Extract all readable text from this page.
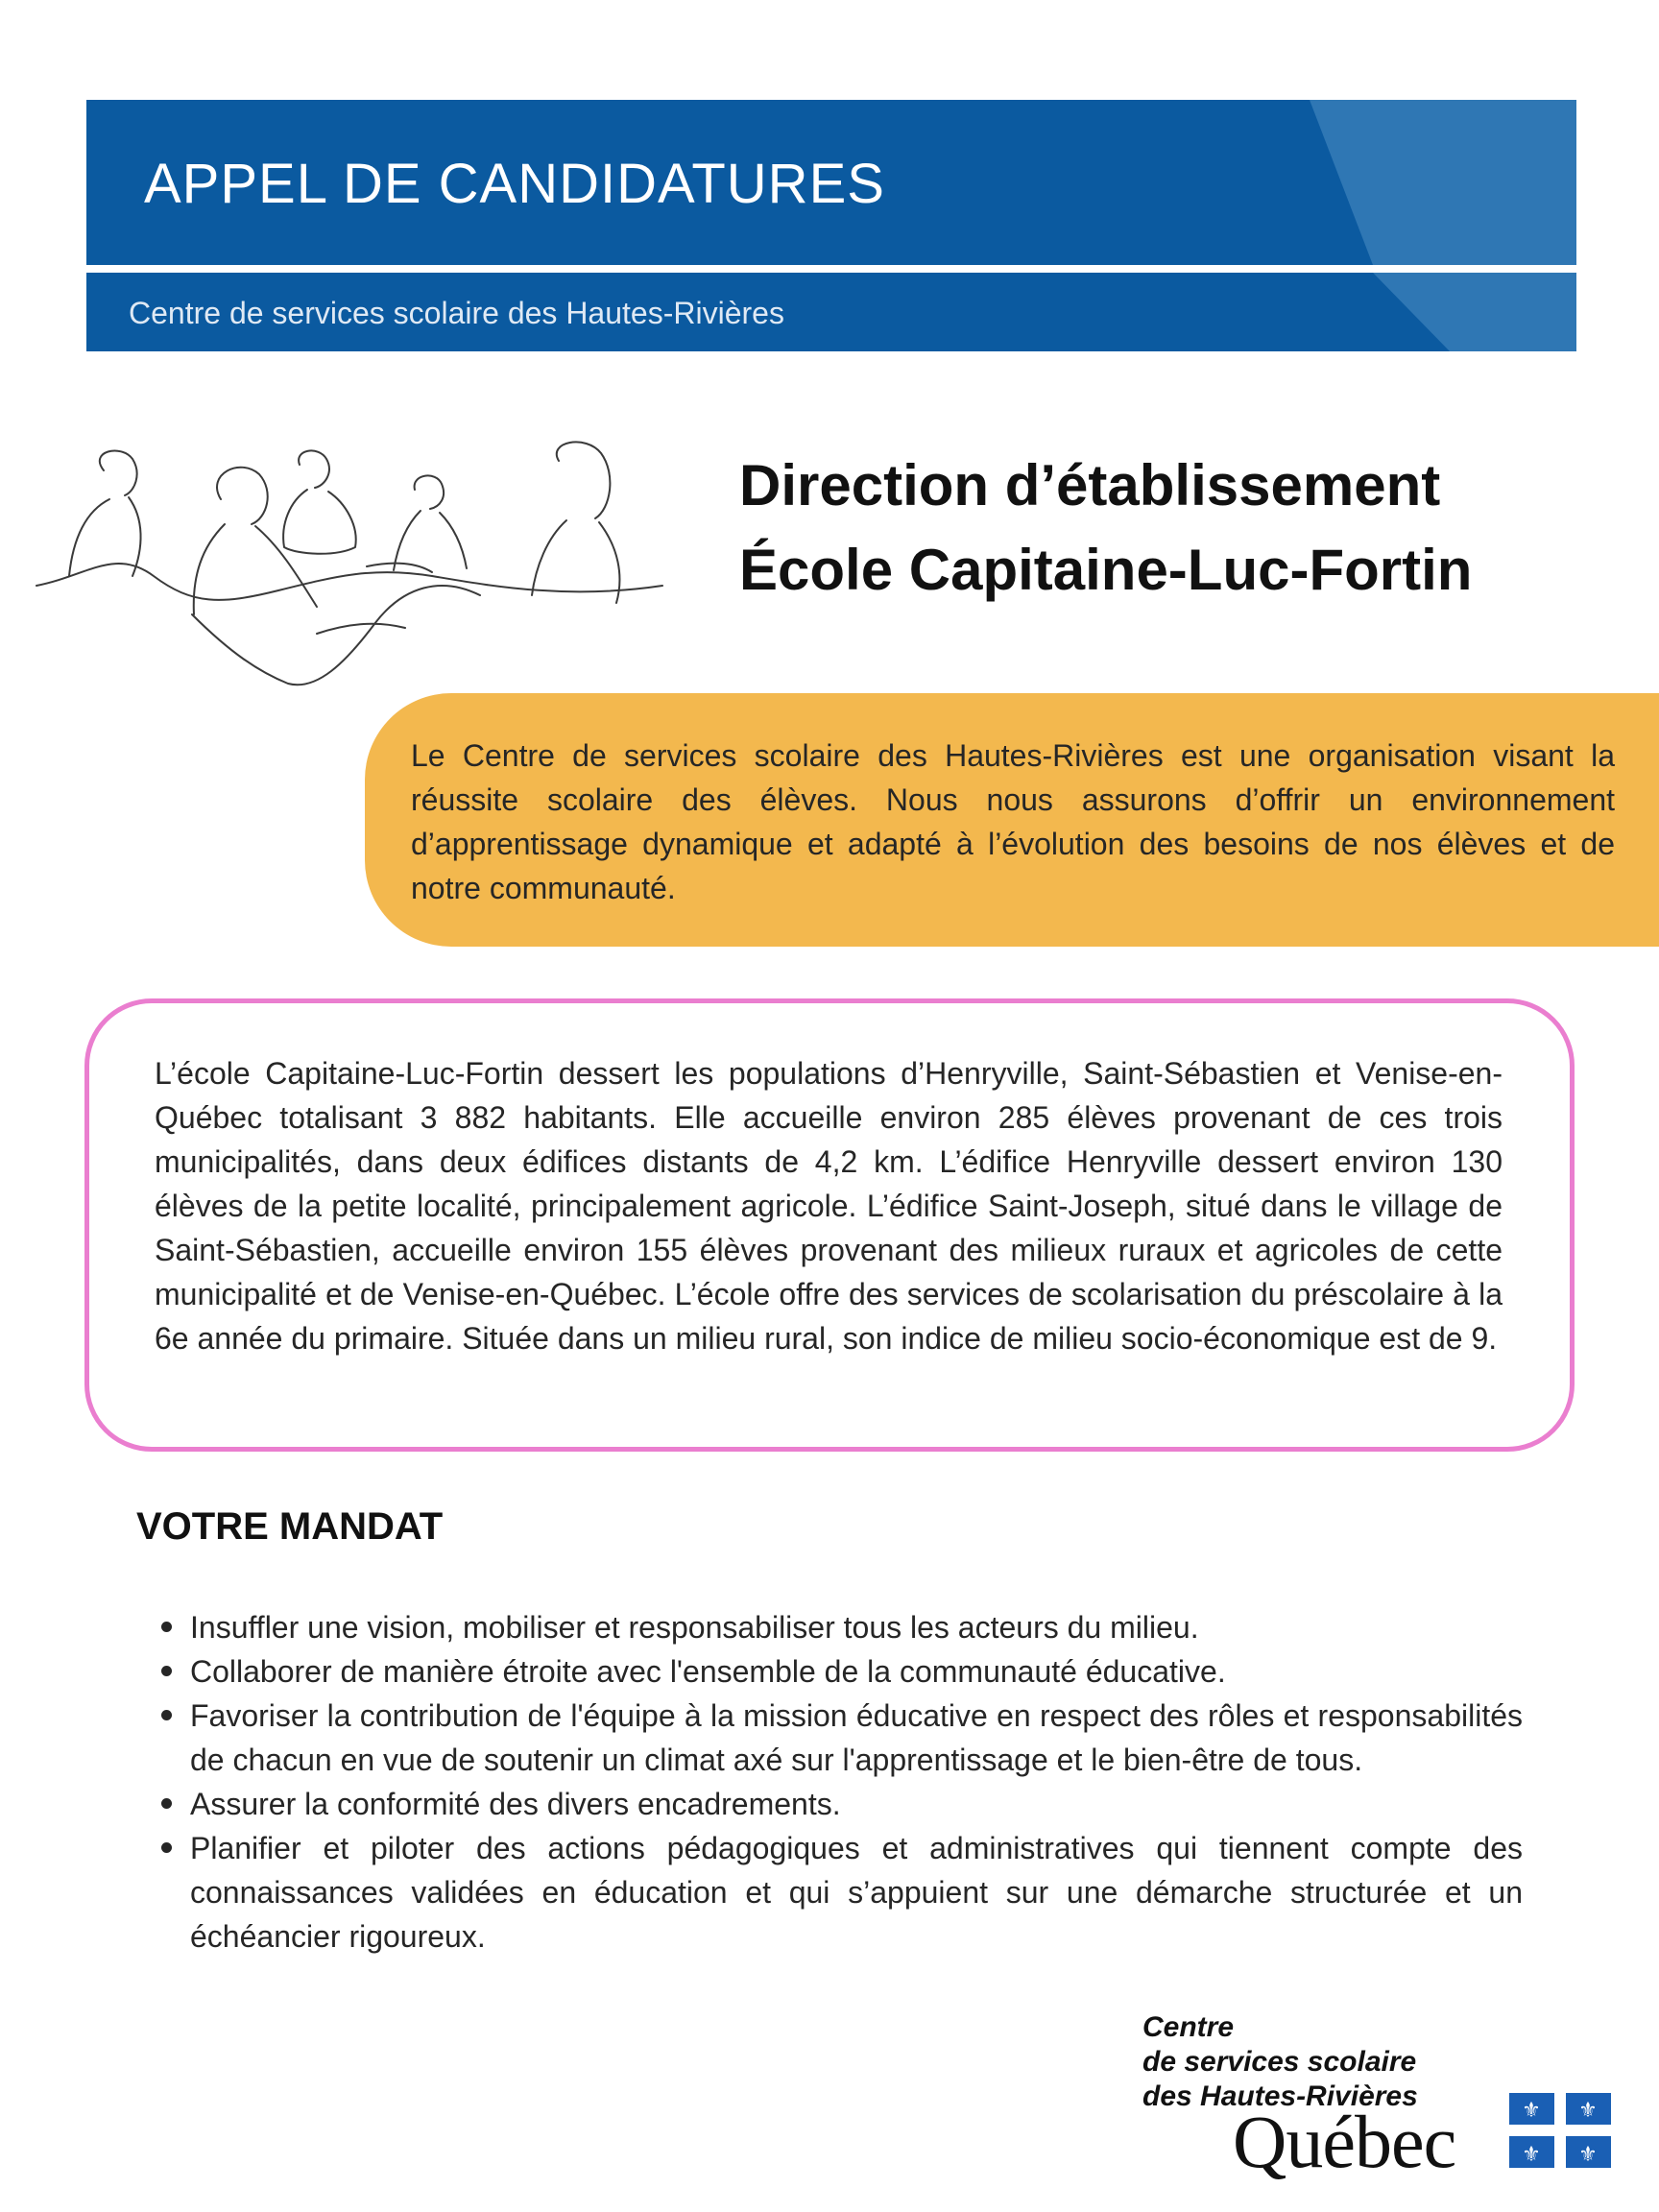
APPEL DE CANDIDATURES
Centre de services scolaire des Hautes-Rivières
Direction d’établissement
École Capitaine-Luc-Fortin

Le Centre de services scolaire des Hautes-Rivières est une organisation visant la réussite scolaire des élèves. Nous nous assurons d’offrir un environnement d’apprentissage dynamique et adapté à l’évolution des besoins de nos élèves et de notre communauté.

L’école Capitaine-Luc-Fortin dessert les populations d’Henryville, Saint-Sébastien et Venise-en-Québec totalisant 3 882 habitants. Elle accueille environ 285 élèves provenant de ces trois municipalités, dans deux édifices distants de 4,2 km. L’édifice Henryville dessert environ 130 élèves de la petite localité, principalement agricole. L’édifice Saint-Joseph, situé dans le village de Saint-Sébastien, accueille environ 155 élèves provenant des milieux ruraux et agricoles de cette municipalité et de Venise-en-Québec. L’école offre des services de scolarisation du préscolaire à la 6e année du primaire. Située dans un milieu rural, son indice de milieu socio-économique est de 9.

VOTRE MANDAT
Insuffler une vision, mobiliser et responsabiliser tous les acteurs du milieu.
Collaborer de manière étroite avec l'ensemble de la communauté éducative.
Favoriser la contribution de l'équipe à la mission éducative en respect des rôles et responsabilités de chacun en vue de soutenir un climat axé sur l'apprentissage et le bien-être de tous.
Assurer la conformité des divers encadrements.
Planifier et piloter des actions pédagogiques et administratives qui tiennent compte des connaissances validées en éducation et qui s’appuient sur une démarche structurée et un échéancier rigoureux.
Centre
de services scolaire
des Hautes-Rivières
Québec	⚜ ⚜
⚜ ⚜
